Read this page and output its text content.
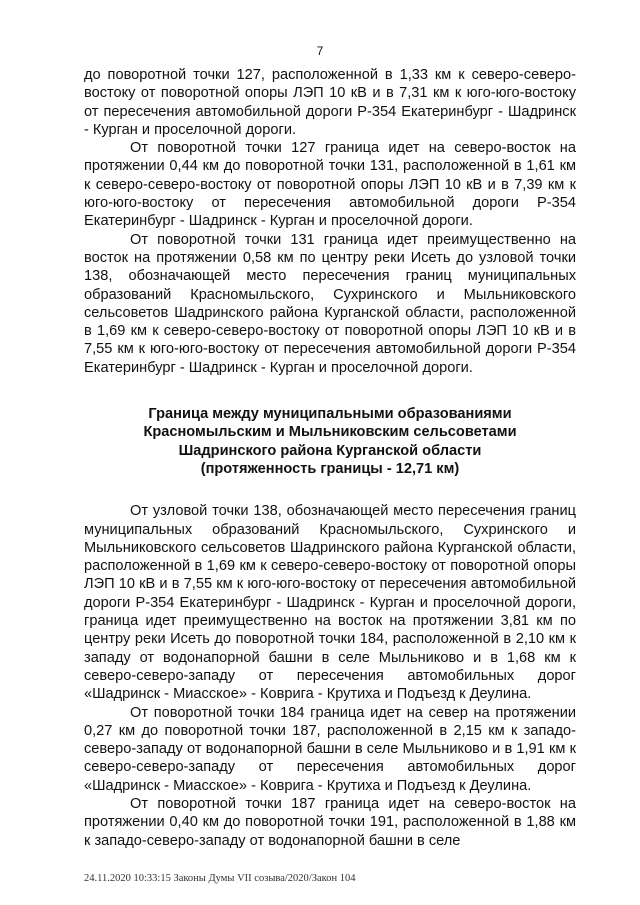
7

до поворотной точки 127, расположенной в 1,33 км к северо-северо-востоку от поворотной опоры ЛЭП 10 кВ и в 7,31 км к юго-юго-востоку от пересечения автомобильной дороги Р-354 Екатеринбург - Шадринск - Курган и проселочной дороги.

От поворотной точки 127 граница идет на северо-восток на протяжении 0,44 км до поворотной точки 131, расположенной в 1,61 км к северо-северо-востоку от поворотной опоры ЛЭП 10 кВ и в 7,39 км к юго-юго-востоку от пересечения автомобильной дороги Р-354 Екатеринбург - Шадринск - Курган и проселочной дороги.

От поворотной точки 131 граница идет преимущественно на восток на протяжении 0,58 км по центру реки Исеть до узловой точки 138, обозначающей место пересечения границ муниципальных образований Красномыльского, Сухринского и Мыльниковского сельсоветов Шадринского района Курганской области, расположенной в 1,69 км к северо-северо-востоку от поворотной опоры ЛЭП 10 кВ и в 7,55 км к юго-юго-востоку от пересечения автомобильной дороги Р-354 Екатеринбург - Шадринск - Курган и проселочной дороги.

Граница между муниципальными образованиями
Красномыльским и Мыльниковским сельсоветами
Шадринского района Курганской области
(протяженность границы - 12,71 км)

От узловой точки 138, обозначающей место пересечения границ муниципальных образований Красномыльского, Сухринского и Мыльниковского сельсоветов Шадринского района Курганской области, расположенной в 1,69 км к северо-северо-востоку от поворотной опоры ЛЭП 10 кВ и в 7,55 км к юго-юго-востоку от пересечения автомобильной дороги Р-354 Екатеринбург - Шадринск - Курган и проселочной дороги, граница идет преимущественно на восток на протяжении 3,81 км по центру реки Исеть до поворотной точки 184, расположенной в 2,10 км к западу от водонапорной башни в селе Мыльниково и в 1,68 км к северо-северо-западу от пересечения автомобильных дорог «Шадринск - Миасское» - Коврига - Крутиха и Подъезд к Деулина.

От поворотной точки 184 граница идет на север на протяжении 0,27 км до поворотной точки 187, расположенной в 2,15 км к западо-северо-западу от водонапорной башни в селе Мыльниково и в 1,91 км к северо-северо-западу от пересечения автомобильных дорог «Шадринск - Миасское» - Коврига - Крутиха и Подъезд к Деулина.

От поворотной точки 187 граница идет на северо-восток на протяжении 0,40 км до поворотной точки 191, расположенной в 1,88 км к западо-северо-западу от водонапорной башни в селе

24.11.2020 10:33:15 Законы Думы VII созыва/2020/Закон 104
